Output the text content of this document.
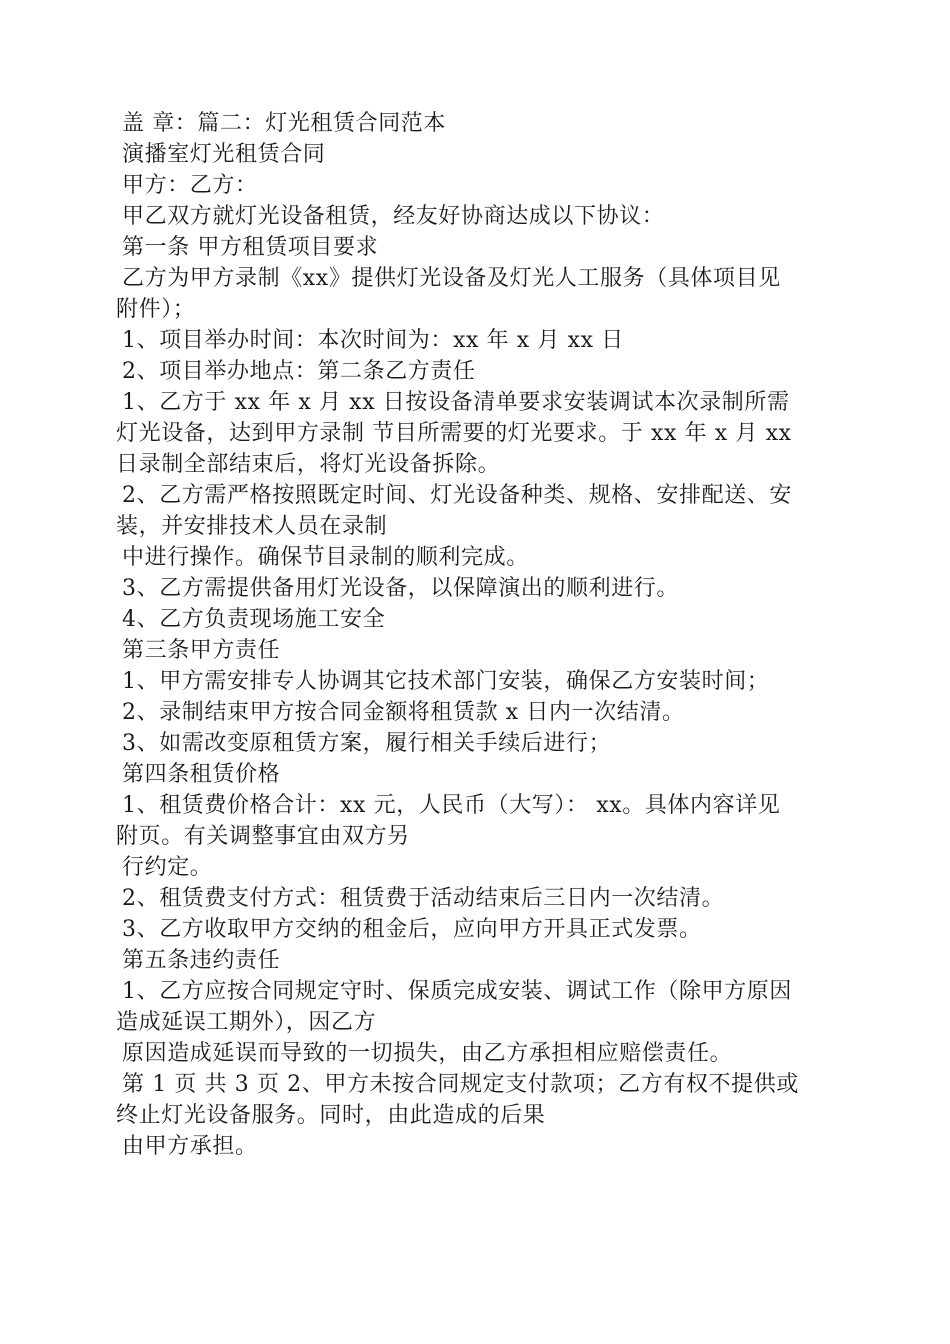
盖 章：篇二：灯光租赁合同范本
演播室灯光租赁合同
甲方：乙方：
甲乙双方就灯光设备租赁，经友好协商达成以下协议：
第一条 甲方租赁项目要求
乙方为甲方录制《xx》提供灯光设备及灯光人工服务（具体项目见
附件）；
1、项目举办时间：本次时间为：xx 年 x 月 xx 日
2、项目举办地点：第二条乙方责任
1、乙方于 xx 年 x 月 xx 日按设备清单要求安装调试本次录制所需
灯光设备，达到甲方录制 节目所需要的灯光要求。于 xx 年 x 月 xx
日录制全部结束后，将灯光设备拆除。
2、乙方需严格按照既定时间、灯光设备种类、规格、安排配送、安
装，并安排技术人员在录制
中进行操作。确保节目录制的顺利完成。
3、乙方需提供备用灯光设备，以保障演出的顺利进行。
4、乙方负责现场施工安全
第三条甲方责任
1、甲方需安排专人协调其它技术部门安装，确保乙方安装时间；
2、录制结束甲方按合同金额将租赁款 x 日内一次结清。
3、如需改变原租赁方案，履行相关手续后进行；
第四条租赁价格
1、租赁费价格合计：xx 元，人民币（大写）： xx。具体内容详见
附页。有关调整事宜由双方另
行约定。
2、租赁费支付方式：租赁费于活动结束后三日内一次结清。
3、乙方收取甲方交纳的租金后，应向甲方开具正式发票。
第五条违约责任
1、乙方应按合同规定守时、保质完成安装、调试工作（除甲方原因
造成延误工期外），因乙方
原因造成延误而导致的一切损失，由乙方承担相应赔偿责任。
第 1 页 共 3 页 2、甲方未按合同规定支付款项；乙方有权不提供或
终止灯光设备服务。同时，由此造成的后果
由甲方承担。
